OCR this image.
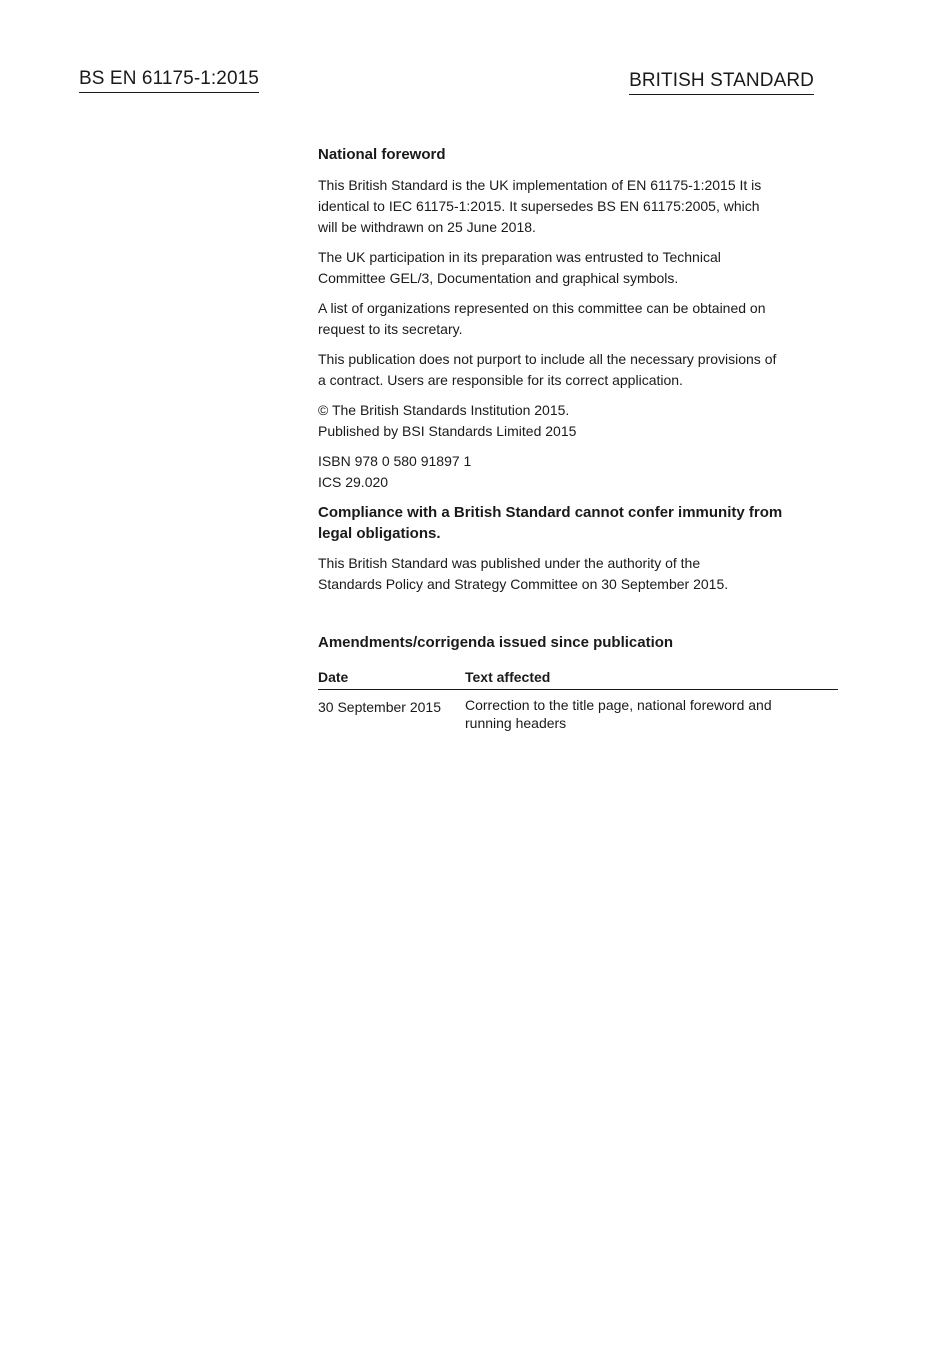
BS EN 61175-1:2015	BRITISH STANDARD
National foreword
This British Standard is the UK implementation of EN 61175-1:2015 It is
identical to IEC 61175-1:2015. It supersedes BS EN 61175:2005, which
will be withdrawn on 25 June 2018.
The UK participation in its preparation was entrusted to Technical
Committee GEL/3, Documentation and graphical symbols.
A list of organizations represented on this committee can be obtained on
request to its secretary.
This publication does not purport to include all the necessary provisions of
a contract. Users are responsible for its correct application.
© The British Standards Institution 2015.
Published by BSI Standards Limited 2015
ISBN 978 0 580 91897 1
ICS 29.020
Compliance with a British Standard cannot confer immunity from
legal obligations.
This British Standard was published under the authority of the
Standards Policy and Strategy Committee on 30 September 2015.
Amendments/corrigenda issued since publication
Date	Text affected
30 September 2015	Correction to the title page, national foreword and
running headers
